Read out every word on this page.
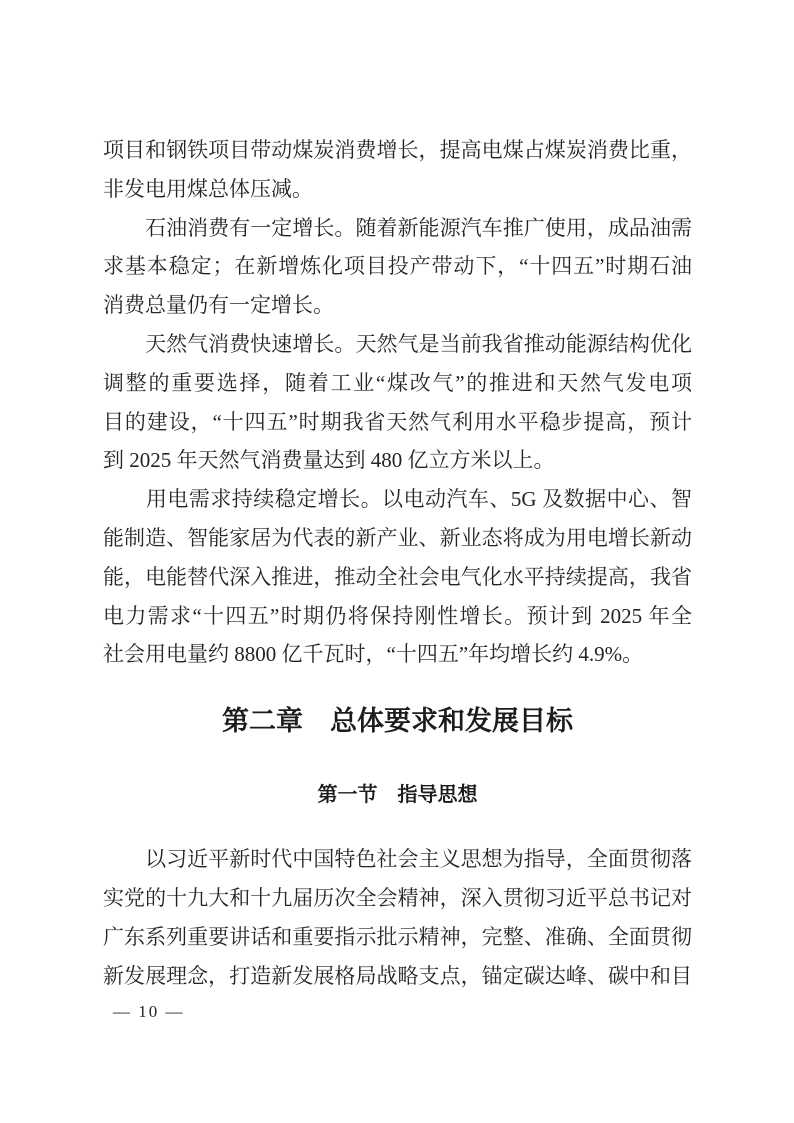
项目和钢铁项目带动煤炭消费增长，提高电煤占煤炭消费比重，
非发电用煤总体压减。
　　石油消费有一定增长。随着新能源汽车推广使用，成品油需
求基本稳定；在新增炼化项目投产带动下，“十四五”时期石油
消费总量仍有一定增长。
　　天然气消费快速增长。天然气是当前我省推动能源结构优化
调整的重要选择，随着工业“煤改气”的推进和天然气发电项
目的建设，“十四五”时期我省天然气利用水平稳步提高，预计
到 2025 年天然气消费量达到 480 亿立方米以上。
　　用电需求持续稳定增长。以电动汽车、5G 及数据中心、智
能制造、智能家居为代表的新产业、新业态将成为用电增长新动
能，电能替代深入推进，推动全社会电气化水平持续提高，我省
电力需求“十四五”时期仍将保持刚性增长。预计到 2025 年全
社会用电量约 8800 亿千瓦时，“十四五”年均增长约 4.9%。
第二章　总体要求和发展目标
第一节　指导思想
　　以习近平新时代中国特色社会主义思想为指导，全面贯彻落
实党的十九大和十九届历次全会精神，深入贯彻习近平总书记对
广东系列重要讲话和重要指示批示精神，完整、准确、全面贯彻
新发展理念，打造新发展格局战略支点，锚定碳达峰、碳中和目
— 10 —
